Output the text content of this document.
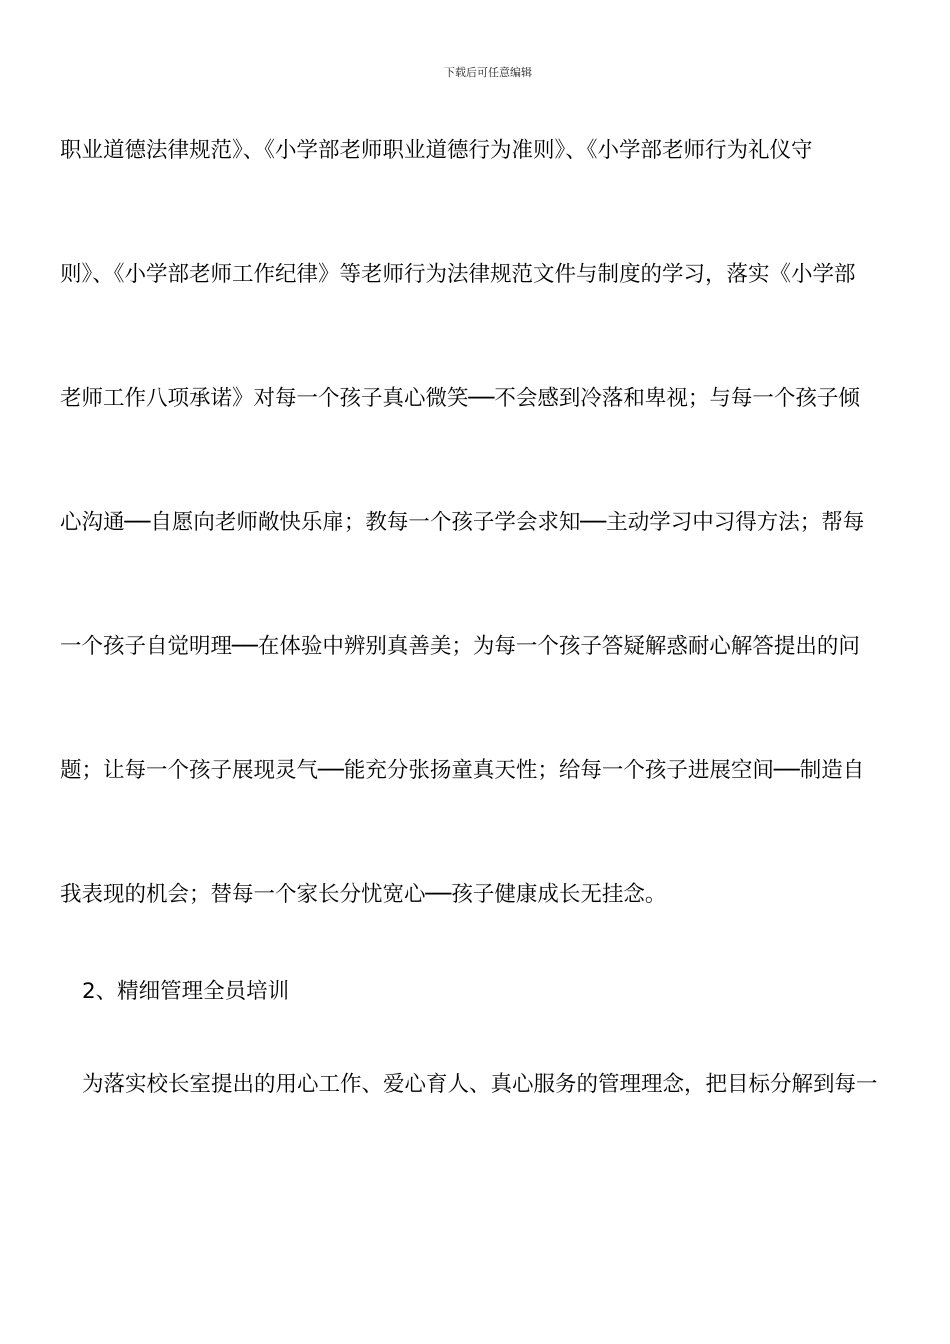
下载后可任意编辑
职业道德法律规范》、《小学部老师职业道德行为准则》、《小学部老师行为礼仪守
则》、《小学部老师工作纪律》等老师行为法律规范文件与制度的学习，落实《小学部
老师工作八项承诺》对每一个孩子真心微笑──不会感到冷落和卑视；与每一个孩子倾
心沟通──自愿向老师敞快乐扉；教每一个孩子学会求知──主动学习中习得方法；帮每
一个孩子自觉明理──在体验中辨别真善美；为每一个孩子答疑解惑耐心解答提出的问
题；让每一个孩子展现灵气──能充分张扬童真天性；给每一个孩子进展空间──制造自
我表现的机会；替每一个家长分忧宽心──孩子健康成长无挂念。
2、精细管理全员培训
为落实校长室提出的用心工作、爱心育人、真心服务的管理理念，把目标分解到每一
